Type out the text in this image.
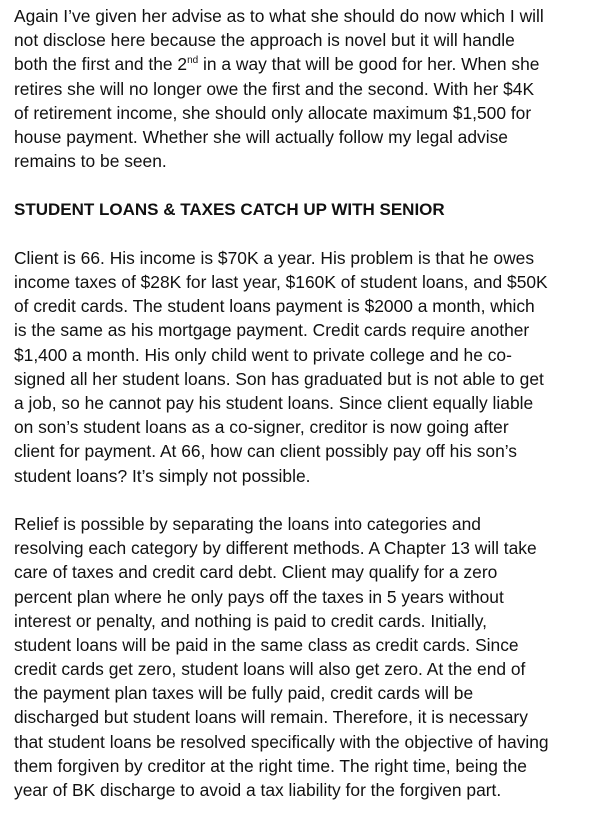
Again I’ve given her advise as to what she should do now which I will
not disclose here because the approach is novel but it will handle
both the first and the 2nd in a way that will be good for her. When she
retires she will no longer owe the first and the second. With her $4K
of retirement income, she should only allocate maximum $1,500 for
house payment. Whether she will actually follow my legal advise
remains to be seen.
STUDENT LOANS & TAXES CATCH UP WITH SENIOR
Client is 66. His income is $70K a year. His problem is that he owes
income taxes of $28K for last year, $160K of student loans, and $50K
of credit cards. The student loans payment is $2000 a month, which
is the same as his mortgage payment. Credit cards require another
$1,400 a month. His only child went to private college and he co-
signed all her student loans. Son has graduated but is not able to get
a job, so he cannot pay his student loans. Since client equally liable
on son’s student loans as a co-signer, creditor is now going after
client for payment. At 66, how can client possibly pay off his son’s
student loans? It’s simply not possible.
Relief is possible by separating the loans into categories and
resolving each category by different methods. A Chapter 13 will take
care of taxes and credit card debt. Client may qualify for a zero
percent plan where he only pays off the taxes in 5 years without
interest or penalty, and nothing is paid to credit cards. Initially,
student loans will be paid in the same class as credit cards. Since
credit cards get zero, student loans will also get zero. At the end of
the payment plan taxes will be fully paid, credit cards will be
discharged but student loans will remain. Therefore, it is necessary
that student loans be resolved specifically with the objective of having
them forgiven by creditor at the right time. The right time, being the
year of BK discharge to avoid a tax liability for the forgiven part.
